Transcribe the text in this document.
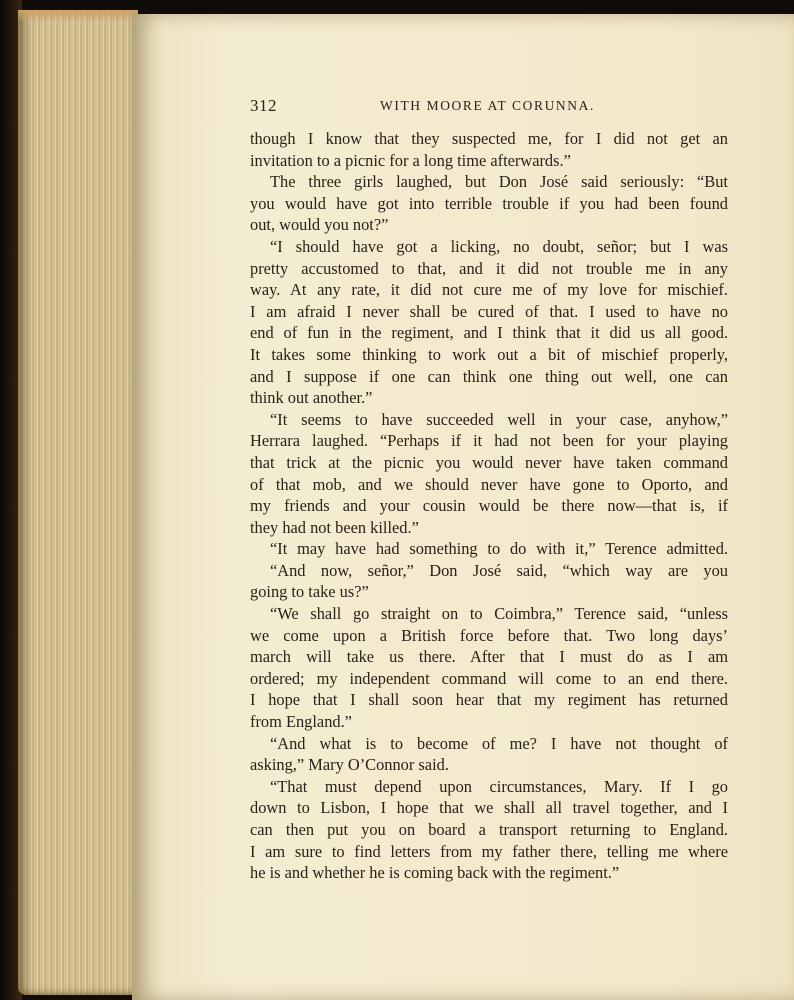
312	WITH MOORE AT CORUNNA.
though I know that they suspected me, for I did not get an
invitation to a picnic for a long time afterwards.”
The three girls laughed, but Don José said seriously: “But
you would have got into terrible trouble if you had been found
out, would you not?”
“I should have got a licking, no doubt, señor; but I was
pretty accustomed to that, and it did not trouble me in any
way. At any rate, it did not cure me of my love for mischief.
I am afraid I never shall be cured of that. I used to have no
end of fun in the regiment, and I think that it did us all good.
It takes some thinking to work out a bit of mischief properly,
and I suppose if one can think one thing out well, one can
think out another.”
“It seems to have succeeded well in your case, anyhow,”
Herrara laughed. “Perhaps if it had not been for your playing
that trick at the picnic you would never have taken command
of that mob, and we should never have gone to Oporto, and
my friends and your cousin would be there now—that is, if
they had not been killed.”
“It may have had something to do with it,” Terence admitted.
“And now, señor,” Don José said, “which way are you
going to take us?”
“We shall go straight on to Coimbra,” Terence said, “unless
we come upon a British force before that. Two long days’
march will take us there. After that I must do as I am
ordered; my independent command will come to an end there.
I hope that I shall soon hear that my regiment has returned
from England.”
“And what is to become of me? I have not thought of
asking,” Mary O’Connor said.
“That must depend upon circumstances, Mary. If I go
down to Lisbon, I hope that we shall all travel together, and I
can then put you on board a transport returning to England.
I am sure to find letters from my father there, telling me where
he is and whether he is coming back with the regiment.”
